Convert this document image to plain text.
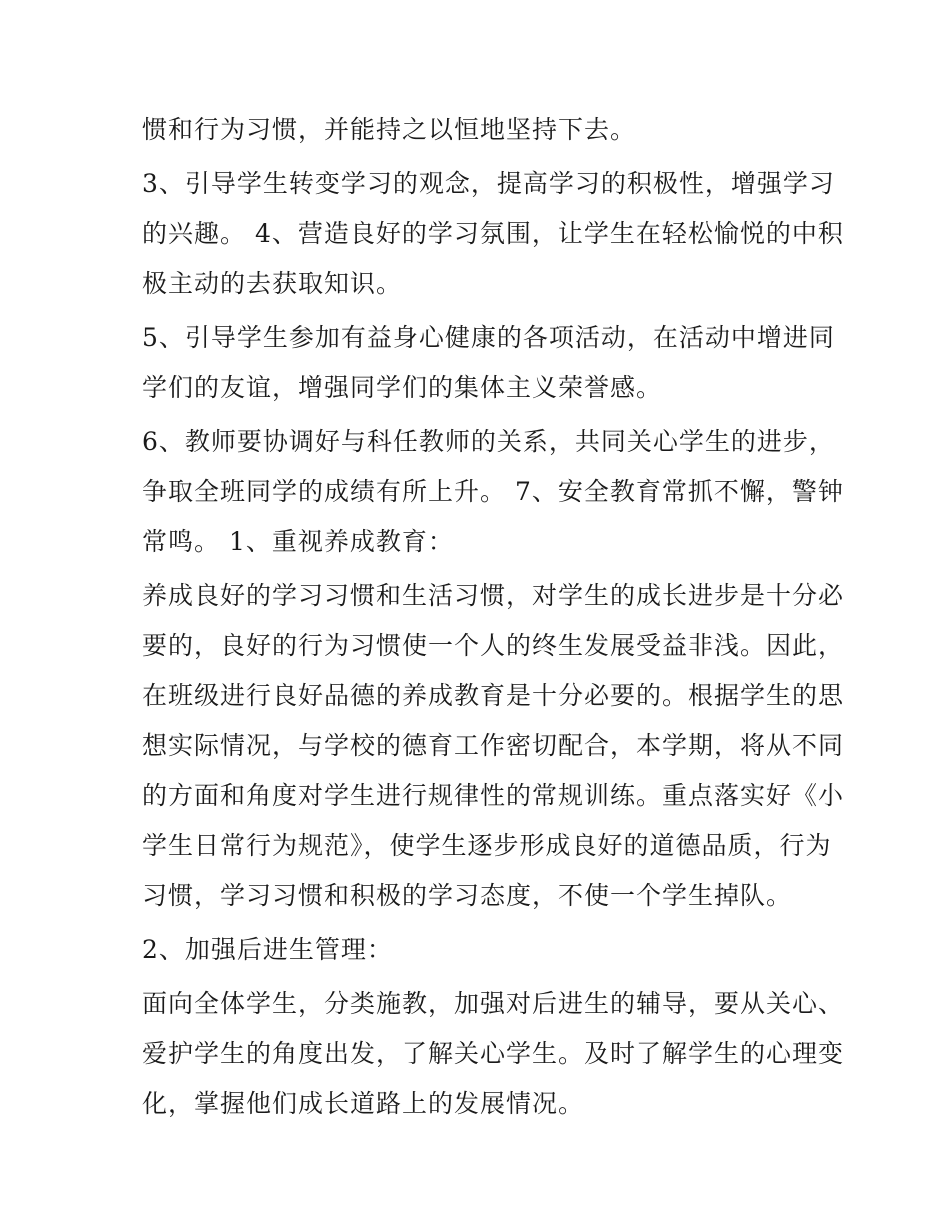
惯和行为习惯，并能持之以恒地坚持下去。
3、引导学生转变学习的观念，提高学习的积极性，增强学习
的兴趣。 4、营造良好的学习氛围，让学生在轻松愉悦的中积
极主动的去获取知识。
5、引导学生参加有益身心健康的各项活动，在活动中增进同
学们的友谊，增强同学们的集体主义荣誉感。
6、教师要协调好与科任教师的关系，共同关心学生的进步，
争取全班同学的成绩有所上升。 7、安全教育常抓不懈，警钟
常鸣。 1、重视养成教育：
养成良好的学习习惯和生活习惯，对学生的成长进步是十分必
要的，良好的行为习惯使一个人的终生发展受益非浅。因此，
在班级进行良好品德的养成教育是十分必要的。根据学生的思
想实际情况，与学校的德育工作密切配合，本学期，将从不同
的方面和角度对学生进行规律性的常规训练。重点落实好《小
学生日常行为规范》，使学生逐步形成良好的道德品质，行为
习惯，学习习惯和积极的学习态度，不使一个学生掉队。
2、加强后进生管理：
面向全体学生，分类施教，加强对后进生的辅导，要从关心、
爱护学生的角度出发，了解关心学生。及时了解学生的心理变
化，掌握他们成长道路上的发展情况。
